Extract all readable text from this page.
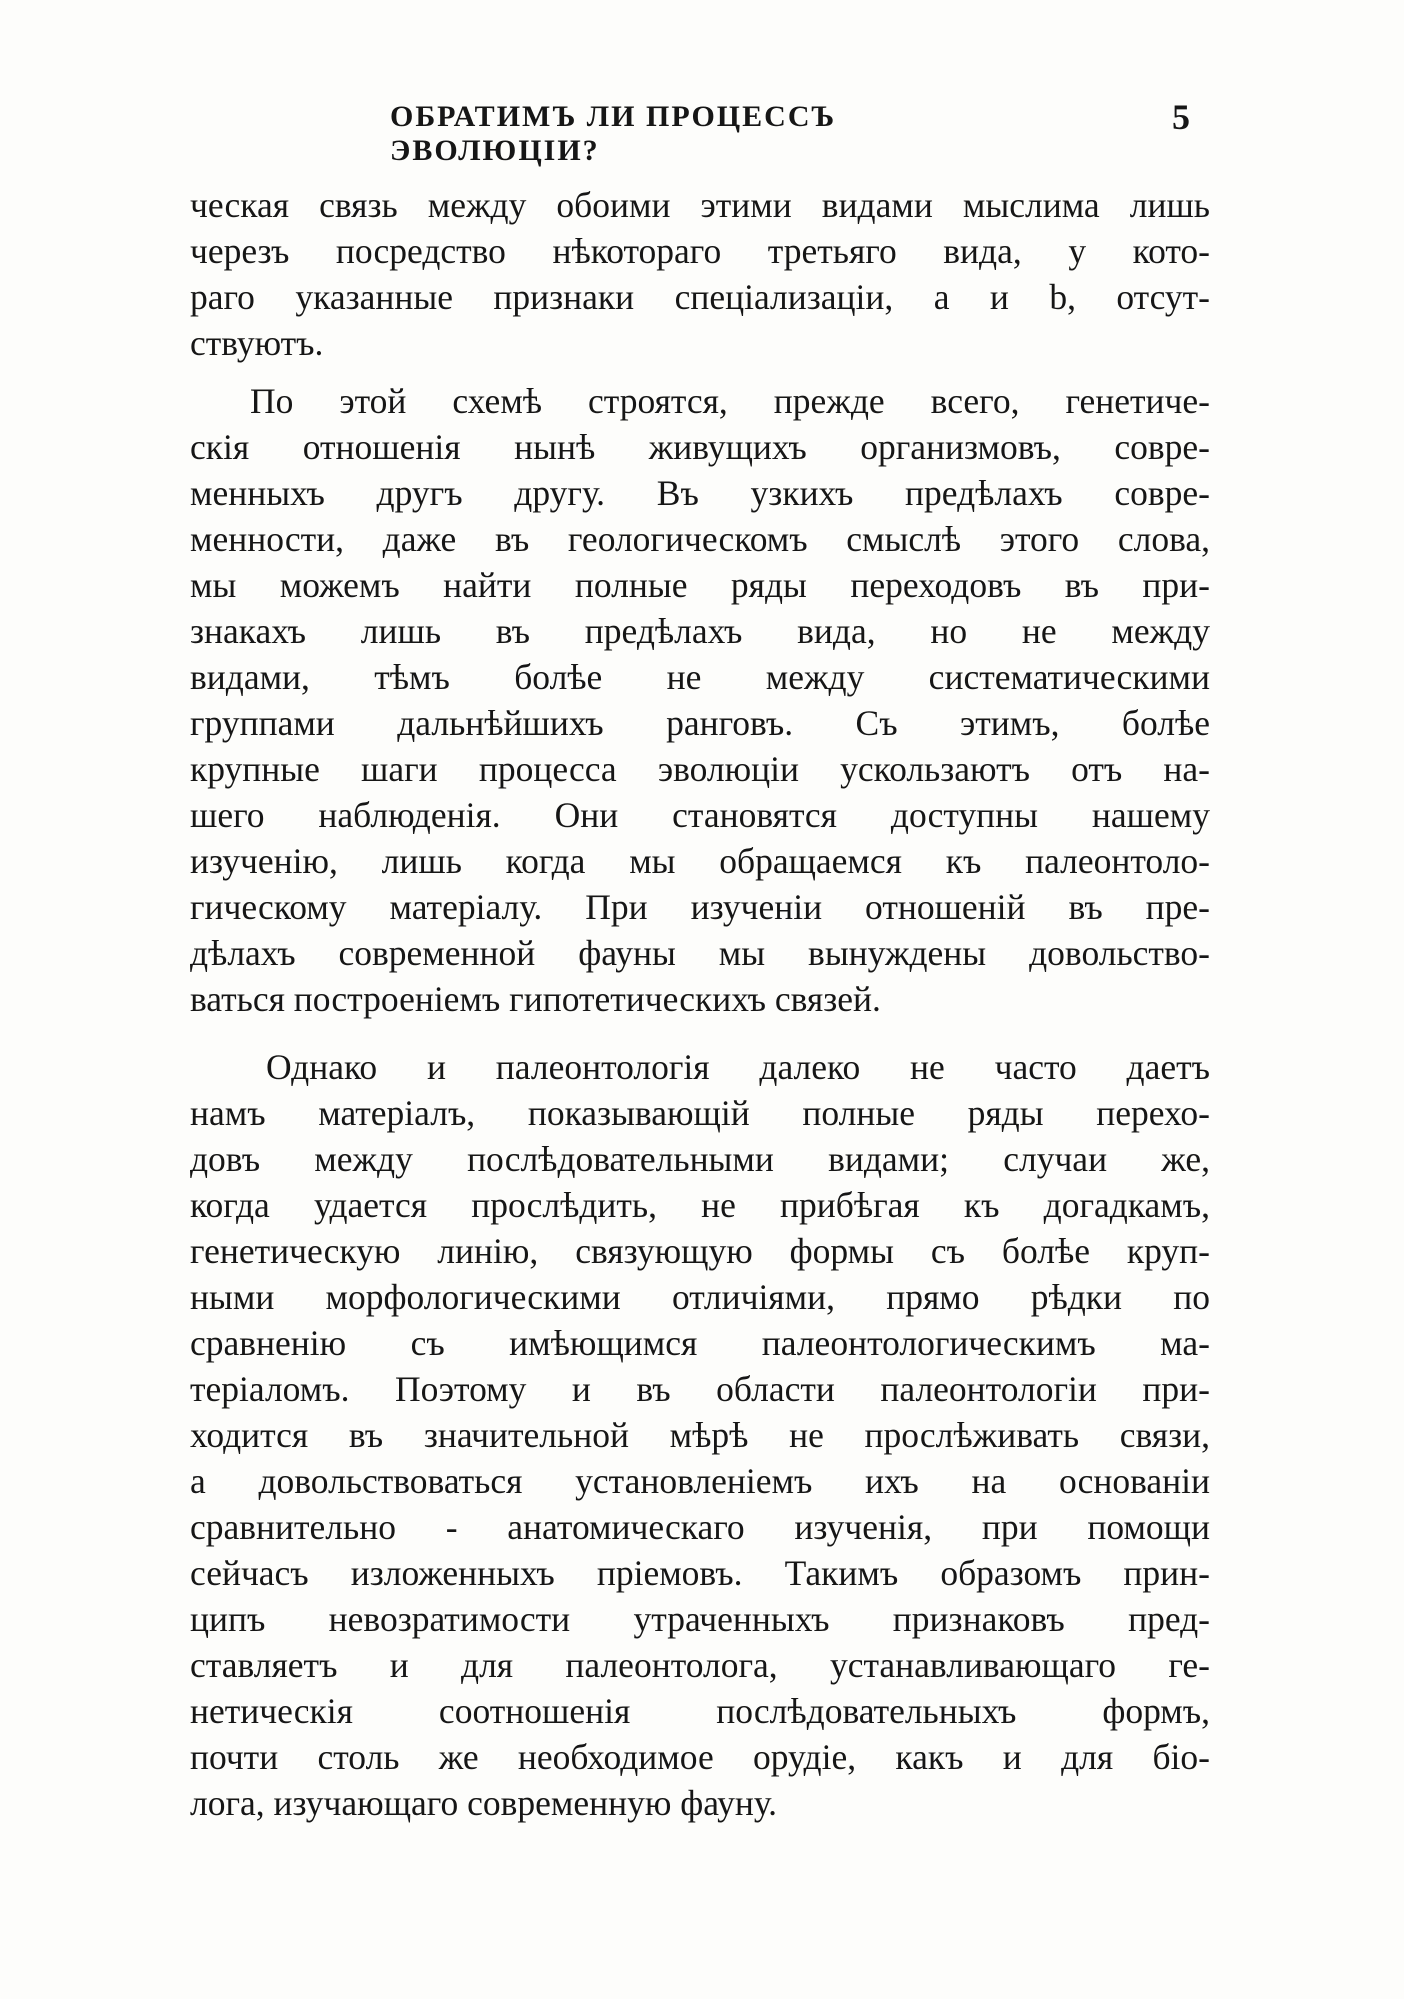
ОБРАТИМЪ ЛИ ПРОЦЕССЪ ЭВОЛЮЦІИ?
5
ческая связь между обоими этими видами мыслима лишь
черезъ посредство нѣкотораго третьяго вида, у кото-
раго указанные признаки спеціализаціи, a и b, отсут-
ствуютъ.
По этой схемѣ строятся, прежде всего, генетиче-
скія отношенія нынѣ живущихъ организмовъ, совре-
менныхъ другъ другу. Въ узкихъ предѣлахъ совре-
менности, даже въ геологическомъ смыслѣ этого слова,
мы можемъ найти полные ряды переходовъ въ при-
знакахъ лишь въ предѣлахъ вида, но не между
видами, тѣмъ болѣе не между систематическими
группами дальнѣйшихъ ранговъ. Съ этимъ, болѣе
крупные шаги процесса эволюціи ускользаютъ отъ на-
шего наблюденія. Они становятся доступны нашему
изученію, лишь когда мы обращаемся къ палеонтоло-
гическому матеріалу. При изученіи отношеній въ пре-
дѣлахъ современной фауны мы вынуждены довольство-
ваться построеніемъ гипотетическихъ связей.
Однако и палеонтологія далеко не часто даетъ
намъ матеріалъ, показывающій полные ряды перехо-
довъ между послѣдовательными видами; случаи же,
когда удается прослѣдить, не прибѣгая къ догадкамъ,
генетическую линію, связующую формы съ болѣе круп-
ными морфологическими отличіями, прямо рѣдки по
сравненію съ имѣющимся палеонтологическимъ ма-
теріаломъ. Поэтому и въ области палеонтологіи при-
ходится въ значительной мѣрѣ не прослѣживать связи,
а довольствоваться установленіемъ ихъ на основаніи
сравнительно - анатомическаго изученія, при помощи
сейчасъ изложенныхъ пріемовъ. Такимъ образомъ прин-
ципъ невозратимости утраченныхъ признаковъ пред-
ставляетъ и для палеонтолога, устанавливающаго ге-
нетическія соотношенія послѣдовательныхъ формъ,
почти столь же необходимое орудіе, какъ и для біо-
лога, изучающаго современную фауну.
